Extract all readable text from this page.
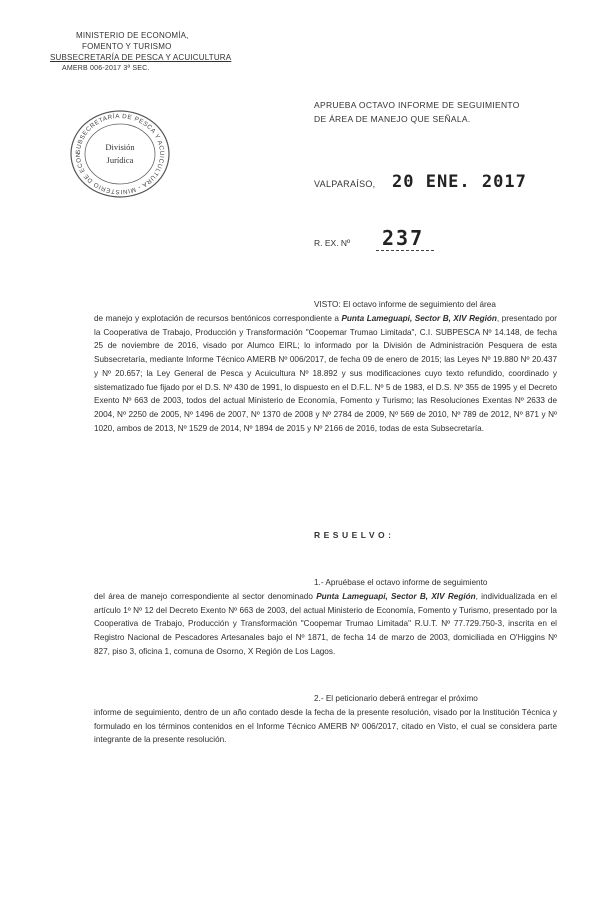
MINISTERIO DE ECONOMÍA,
FOMENTO Y TURISMO
SUBSECRETARÍA DE PESCA Y ACUICULTURA
AMERB 006-2017 3ª SEC.
SUBSECRETARÍA DE PESCA Y ACUICULTURA - MINISTERIO DE ECON
División
Jurídica
APRUEBA OCTAVO INFORME DE SEGUIMIENTO
DE ÁREA DE MANEJO QUE SEÑALA.
VALPARAÍSO, 20 ENE. 2017
R. EX. Nº 237
VISTO: El octavo informe de seguimiento del área
de manejo y explotación de recursos bentónicos correspondiente a Punta Lameguapi, Sector B, XIV Región, presentado por la Cooperativa de Trabajo, Producción y Transformación "Coopemar Trumao Limitada", C.I. SUBPESCA Nº 14.148, de fecha 25 de noviembre de 2016, visado por Alumco EIRL; lo informado por la División de Administración Pesquera de esta Subsecretaría, mediante Informe Técnico AMERB Nº 006/2017, de fecha 09 de enero de 2015; las Leyes Nº 19.880 Nº 20.437 y Nº 20.657; la Ley General de Pesca y Acuicultura Nº 18.892 y sus modificaciones cuyo texto refundido, coordinado y sistematizado fue fijado por el D.S. Nº 430 de 1991, lo dispuesto en el D.F.L. Nº 5 de 1983, el D.S. Nº 355 de 1995 y el Decreto Exento Nº 663 de 2003, todos del actual Ministerio de Economía, Fomento y Turismo; las Resoluciones Exentas Nº 2633 de 2004, Nº 2250 de 2005, Nº 1496 de 2007, Nº 1370 de 2008 y Nº 2784 de 2009, Nº 569 de 2010, Nº 789 de 2012, Nº 871 y Nº 1020, ambos de 2013, Nº 1529 de 2014, Nº 1894 de 2015 y Nº 2166 de 2016, todas de esta Subsecretaría.
RESUELVO:
1.- Apruébase el octavo informe de seguimiento
del área de manejo correspondiente al sector denominado Punta Lameguapi, Sector B, XIV Región, individualizada en el artículo 1º Nº 12 del Decreto Exento Nº 663 de 2003, del actual Ministerio de Economía, Fomento y Turismo, presentado por la Cooperativa de Trabajo, Producción y Transformación "Coopemar Trumao Limitada" R.U.T. Nº 77.729.750-3, inscrita en el Registro Nacional de Pescadores Artesanales bajo el Nº 1871, de fecha 14 de marzo de 2003, domiciliada en O'Higgins Nº 827, piso 3, oficina 1, comuna de Osorno, X Región de Los Lagos.
2.- El peticionario deberá entregar el próximo
informe de seguimiento, dentro de un año contado desde la fecha de la presente resolución, visado por la Institución Técnica y formulado en los términos contenidos en el Informe Técnico AMERB Nº 006/2017, citado en Visto, el cual se considera parte integrante de la presente resolución.
